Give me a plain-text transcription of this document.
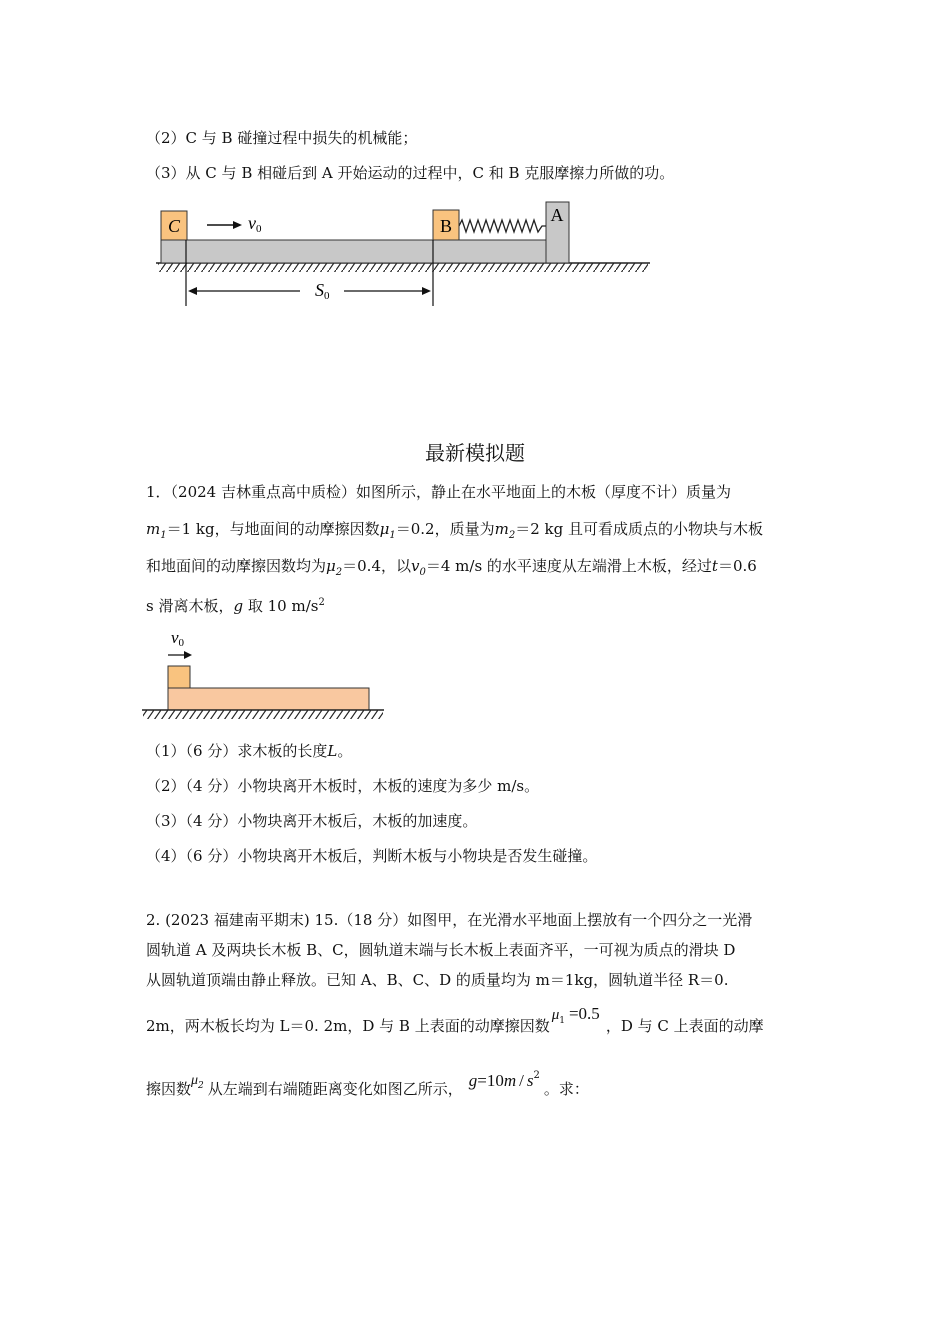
（2）C 与 B 碰撞过程中损失的机械能；
（3）从 C 与 B 相碰后到 A 开始运动的过程中，C 和 B 克服摩擦力所做的功。
A
B
C	v0
S0
最新模拟题
1．（2024 吉林重点高中质检）如图所示，静止在水平地面上的木板（厚度不计）质量为
$m_1=1$ kg，与地面间的动摩擦因数$\mu_1=0.2$，质量为$m_2=2$ kg 且可看成质点的小物块与木板
和地面间的动摩擦因数均为$\mu_2=0.4$，以$v_0=4$ m/s 的水平速度从左端滑上木板，经过t＝0.6
s 滑离木板，g 取 10 $m/s^2$
v0
（1）（6 分）求木板的长度L。
（2）（4 分）小物块离开木板时，木板的速度为多少 m/s。
（3）（4 分）小物块离开木板后，木板的加速度。
（4）（6 分）小物块离开木板后，判断木板与小物块是否发生碰撞。
2. (2023 福建南平期末) 15.（18 分）如图甲，在光滑水平地面上摆放有一个四分之一光滑
圆轨道 A 及两块长木板 B、C，圆轨道末端与长木板上表面齐平，一可视为质点的滑块 D
从圆轨道顶端由静止释放。已知 A、B、C、D 的质量均为 m＝1kg，圆轨道半径 R＝0.
2m，两木板长均为 L＝0. 2m，D 与 B 上表面的动摩擦因数$\mu_1 =0.5$，D 与 C 上表面的动摩
擦因数$\mu_2$ 从左端到右端随距离变化如图乙所示， $g=10m / s^2$。求：
